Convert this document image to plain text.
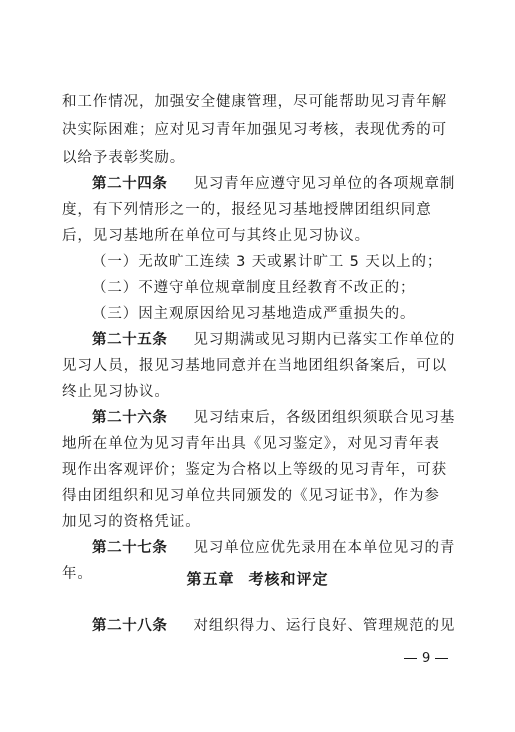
和工作情况，加强安全健康管理，尽可能帮助见习青年解
决实际困难；应对见习青年加强见习考核，表现优秀的可
以给予表彰奖励。
第二十四条 见习青年应遵守见习单位的各项规章制
度，有下列情形之一的，报经见习基地授牌团组织同意
后，见习基地所在单位可与其终止见习协议。
（一）无故旷工连续 3 天或累计旷工 5 天以上的；
（二）不遵守单位规章制度且经教育不改正的；
（三）因主观原因给见习基地造成严重损失的。
第二十五条 见习期满或见习期内已落实工作单位的
见习人员，报见习基地同意并在当地团组织备案后，可以
终止见习协议。
第二十六条 见习结束后，各级团组织须联合见习基
地所在单位为见习青年出具《见习鉴定》，对见习青年表
现作出客观评价；鉴定为合格以上等级的见习青年，可获
得由团组织和见习单位共同颁发的《见习证书》，作为参
加见习的资格凭证。
第二十七条 见习单位应优先录用在本单位见习的青
年。	第五章 考核和评定
第二十八条 对组织得力、运行良好、管理规范的见
9
